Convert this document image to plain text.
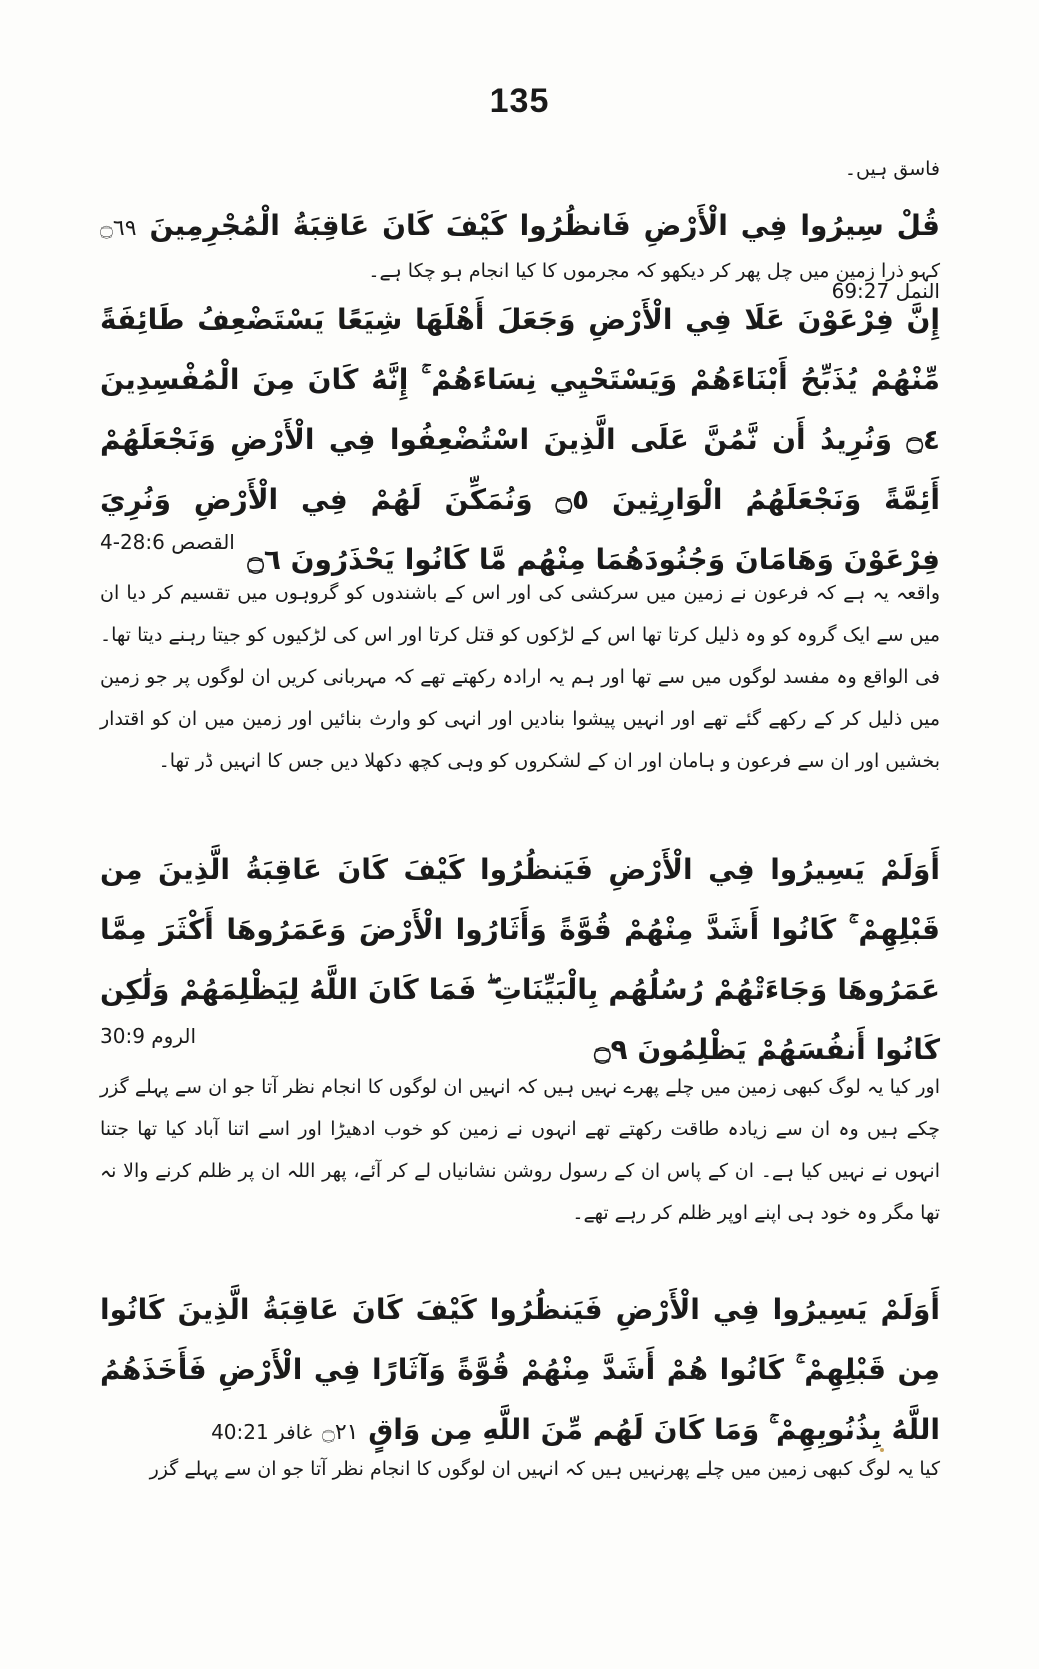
135

فاسق ہیں۔

قُلْ سِيرُوا فِي الْأَرْضِ فَانظُرُوا كَيْفَ كَانَ عَاقِبَةُ الْمُجْرِمِينَ ۝٦٩ النمل 69:27

کہو ذرا زمین میں چل پھر کر دیکھو کہ مجرموں کا کیا انجام ہو چکا ہے۔

إِنَّ فِرْعَوْنَ عَلَا فِي الْأَرْضِ وَجَعَلَ أَهْلَهَا شِيَعًا يَسْتَضْعِفُ طَائِفَةً مِّنْهُمْ يُذَبِّحُ أَبْنَاءَهُمْ وَيَسْتَحْيِي نِسَاءَهُمْ ۚ إِنَّهُ كَانَ مِنَ الْمُفْسِدِينَ ۝٤ وَنُرِيدُ أَن نَّمُنَّ عَلَى الَّذِينَ اسْتُضْعِفُوا فِي الْأَرْضِ وَنَجْعَلَهُمْ أَئِمَّةً وَنَجْعَلَهُمُ الْوَارِثِينَ ۝٥ وَنُمَكِّنَ لَهُمْ فِي الْأَرْضِ وَنُرِيَ فِرْعَوْنَ وَهَامَانَ وَجُنُودَهُمَا مِنْهُم مَّا كَانُوا يَحْذَرُونَ ۝٦

القصص 28:6-4

واقعہ یہ ہے کہ فرعون نے زمین میں سرکشی کی اور اس کے باشندوں کو گروہوں میں تقسیم کر دیا ان میں سے ایک گروہ کو وہ ذلیل کرتا تھا اس کے لڑکوں کو قتل کرتا اور اس کی لڑکیوں کو جیتا رہنے دیتا تھا۔ فی الواقع وہ مفسد لوگوں میں سے تھا اور ہم یہ ارادہ رکھتے تھے کہ مہربانی کریں ان لوگوں پر جو زمین میں ذلیل کر کے رکھے گئے تھے اور انہیں پیشوا بنادیں اور انہی کو وارث بنائیں اور زمین میں ان کو اقتدار بخشیں اور ان سے فرعون و ہامان اور ان کے لشکروں کو وہی کچھ دکھلا دیں جس کا انہیں ڈر تھا۔

أَوَلَمْ يَسِيرُوا فِي الْأَرْضِ فَيَنظُرُوا كَيْفَ كَانَ عَاقِبَةُ الَّذِينَ مِن قَبْلِهِمْ ۚ كَانُوا أَشَدَّ مِنْهُمْ قُوَّةً وَأَثَارُوا الْأَرْضَ وَعَمَرُوهَا أَكْثَرَ مِمَّا عَمَرُوهَا وَجَاءَتْهُمْ رُسُلُهُم بِالْبَيِّنَاتِ ۖ فَمَا كَانَ اللَّهُ لِيَظْلِمَهُمْ وَلَٰكِن كَانُوا أَنفُسَهُمْ يَظْلِمُونَ ۝٩

الروم 30:9

اور کیا یہ لوگ کبھی زمین میں چلے پھرے نہیں ہیں کہ انہیں ان لوگوں کا انجام نظر آتا جو ان سے پہلے گزر چکے ہیں وہ ان سے زیادہ طاقت رکھتے تھے انہوں نے زمین کو خوب ادھیڑا اور اسے اتنا آباد کیا تھا جتنا انہوں نے نہیں کیا ہے۔ ان کے پاس ان کے رسول روشن نشانیاں لے کر آئے، پھر اللہ ان پر ظلم کرنے والا نہ تھا مگر وہ خود ہی اپنے اوپر ظلم کر رہے تھے۔

أَوَلَمْ يَسِيرُوا فِي الْأَرْضِ فَيَنظُرُوا كَيْفَ كَانَ عَاقِبَةُ الَّذِينَ كَانُوا مِن قَبْلِهِمْ ۚ كَانُوا هُمْ أَشَدَّ مِنْهُمْ قُوَّةً وَآثَارًا فِي الْأَرْضِ فَأَخَذَهُمُ اللَّهُ بِذُنُوبِهِمْ ۚ وَمَا كَانَ لَهُم مِّنَ اللَّهِ مِن وَاقٍ ۝٢١ غافر 40:21

کیا یہ لوگ کبھی زمین میں چلے پھرنہیں ہیں کہ انہیں ان لوگوں کا انجام نظر آتا جو ان سے پہلے گزر
